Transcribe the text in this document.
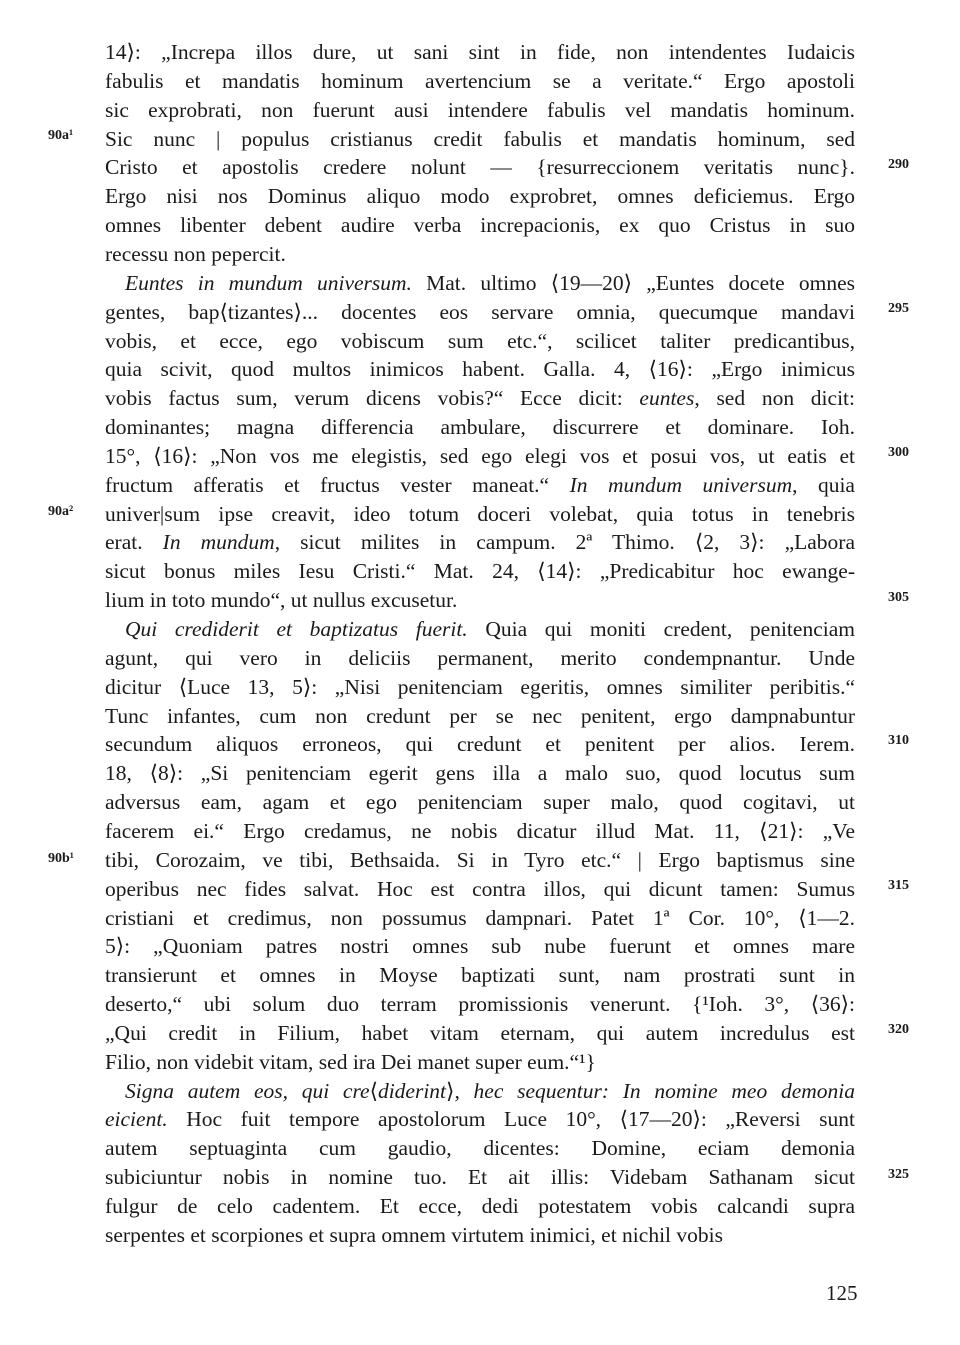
14⟩: „Increpa illos dure, ut sani sint in fide, non intendentes Iudaicis
fabulis et mandatis hominum avertencium se a veritate.“ Ergo apostoli
sic exprobrati, non fuerunt ausi intendere fabulis vel mandatis hominum.
Sic nunc | populus cristianus credit fabulis et mandatis hominum, sed
Cristo et apostolis credere nolunt — {resurreccionem veritatis nunc}.
Ergo nisi nos Dominus aliquo modo exprobret, omnes deficiemus. Ergo
omnes libenter debent audire verba increpacionis, ex quo Cristus in suo
recessu non pepercit.
Euntes in mundum universum. Mat. ultimo ⟨19—20⟩ „Euntes docete omnes
gentes, bap⟨tizantes⟩... docentes eos servare omnia, quecumque mandavi
vobis, et ecce, ego vobiscum sum etc.“, scilicet taliter predicantibus,
quia scivit, quod multos inimicos habent. Galla. 4, ⟨16⟩: „Ergo inimicus
vobis factus sum, verum dicens vobis?“ Ecce dicit: euntes, sed non dicit:
dominantes; magna differencia ambulare, discurrere et dominare. Ioh.
15°, ⟨16⟩: „Non vos me elegistis, sed ego elegi vos et posui vos, ut eatis et
fructum afferatis et fructus vester maneat.“ In mundum universum, quia
univer|sum ipse creavit, ideo totum doceri volebat, quia totus in tenebris
erat. In mundum, sicut milites in campum. 2ª Thimo. ⟨2, 3⟩: „Labora
sicut bonus miles Iesu Cristi.“ Mat. 24, ⟨14⟩: „Predicabitur hoc ewange-
lium in toto mundo“, ut nullus excusetur.
Qui crediderit et baptizatus fuerit. Quia qui moniti credent, penitenciam
agunt, qui vero in deliciis permanent, merito condempnantur. Unde
dicitur ⟨Luce 13, 5⟩: „Nisi penitenciam egeritis, omnes similiter peribitis.“
Tunc infantes, cum non credunt per se nec penitent, ergo dampnabuntur
secundum aliquos erroneos, qui credunt et penitent per alios. Ierem.
18, ⟨8⟩: „Si penitenciam egerit gens illa a malo suo, quod locutus sum
adversus eam, agam et ego penitenciam super malo, quod cogitavi, ut
facerem ei.“ Ergo credamus, ne nobis dicatur illud Mat. 11, ⟨21⟩: „Ve
tibi, Corozaim, ve tibi, Bethsaida. Si in Tyro etc.“ | Ergo baptismus sine
operibus nec fides salvat. Hoc est contra illos, qui dicunt tamen: Sumus
cristiani et credimus, non possumus dampnari. Patet 1ª Cor. 10°, ⟨1—2.
5⟩: „Quoniam patres nostri omnes sub nube fuerunt et omnes mare
transierunt et omnes in Moyse baptizati sunt, nam prostrati sunt in
deserto,“ ubi solum duo terram promissionis venerunt. {¹Ioh. 3°, ⟨36⟩:
„Qui credit in Filium, habet vitam eternam, qui autem incredulus est
Filio, non videbit vitam, sed ira Dei manet super eum.“¹}
Signa autem eos, qui cre⟨diderint⟩, hec sequentur: In nomine meo demonia
eicient. Hoc fuit tempore apostolorum Luce 10°, ⟨17—20⟩: „Reversi sunt
autem septuaginta cum gaudio, dicentes: Domine, eciam demonia
subiciuntur nobis in nomine tuo. Et ait illis: Videbam Sathanam sicut
fulgur de celo cadentem. Et ecce, dedi potestatem vobis calcandi supra
serpentes et scorpiones et supra omnem virtutem inimici, et nichil vobis
90a¹
90a²
90b¹
290
295
300
305
310
315
320
325
125
